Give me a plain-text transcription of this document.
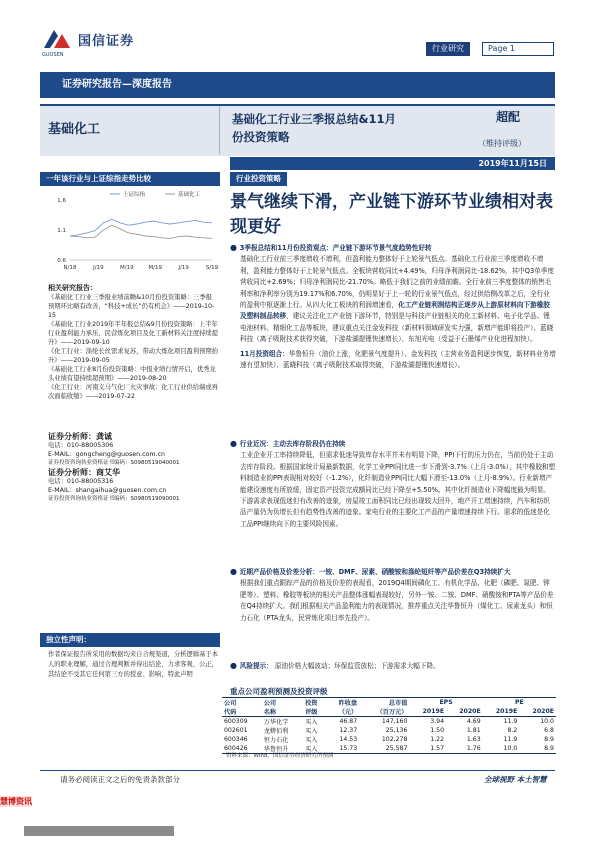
国信证券
GUOSEN
行业研究	Page 1
证券研究报告—深度报告
基础化工
基础化工行业三季报总结&11月
份投资策略
超配
（维持评级）
2019年11月15日
一年该行业与上证综指走势比较
1.6
1.1
0.6
N/18	J/19	M/19	M/19	J/19	S/19
上证综指	基础化工
相关研究报告：
《基础化工行业三季报业绩前瞻&10月份投资策略：三季报预期环比略有改善，“科技+成长”仍有机会》——2019-10-15
《基础化工行业2019年半年报总结&9月份投资策略：上半年行业盈利能力承压，民营炼化项目及化工新材料关注度持续提升》——2019-09-10
《化工行业：涤纶长丝需求复苏，带动大炼化项目盈利预期抬升》——2019-09-05
《基础化工行业8月份投资策略：中报业绩行情开启，优秀龙头业绩有望持续超预期》——2019-08-20
《化工行业：河南义马气化厂火灾事故：化工行业供给端或再次面临收缩》——2019-07-22
证券分析师：龚诚
电话：010-88005306
E-MAIL：gongcheng@guosen.com.cn
证券投资咨询执业资格证书编码：S0980519040001
证券分析师：商艾华
电话：010-88005316
E-MAIL：shangaihua@guosen.com.cn
证券投资咨询执业资格证书编码：S0980519090001
独立性声明：
作者保证报告所采用的数据均来自合规渠道，分析逻辑基于本人的职业理解，通过合理判断并得出结论，力求客观、公正，其结论不受其它任何第三方的授意、影响，特此声明
行业投资策略
景气继续下滑，产业链下游环节业绩相对表现更好
● 3季报总结和11月份投资观点：产业链下游环节景气度趋势性好转
基础化工行业前三季度增收不增利，但盈利能力整体好于上轮景气低点。基础化工行业前三季度增收不增利，盈利能力整体好于上轮景气低点。全板块营收同比+4.49%，归母净利润同比-18.62%，其中Q3单季度营收同比+2.69%；归母净利润同比-21.70%。略低于我们之前的业绩前瞻。全行业前三季度整体的销售毛利率和净利率分别为19.17%和6.70%，仍明显好于上一轮的行业景气低点，经过供给侧改革之后，全行业的盈利中枢逐渐上行。从四大化工板块的利润增速看，化工产业链利润结构正逐步从上游原材料向下游橡胶及塑料制品转移，建议关注化工产业链下游环节，特别是与科技产业链相关的化工新材料、电子化学品、锂电池材料、精细化工品等板块，建议重点关注金发科技（新材料领域研发实力强，新增产能即将投产）、蓝晓科技（离子吸附技术获得突破，下游盐湖提锂快速增长）、东旭光电（受益于石墨烯产业化进程加快）。
11月投资组合：华鲁恒升（油价上涨，化肥景气度提升）、金发科技（主营业务盈利逐步恢复，新材料业务增速有望加快）、蓝晓科技（离子吸附技术取得突破，下游盐湖提锂快速增长）。
● 行业近况：主动去库存阶段仍在持续
工业企业开工率持续降低，但需求低迷导致库存水平并未有明显下降，PPI下行的压力仍在，当前仍处于主动去库存阶段。根据国家统计局最新数据，化学工业PPI同比进一步下滑到-3.7%（上月-3.0%），其中橡胶和塑料制造业的PPI表现相对较好（-1.2%），化纤制造业PPI同比大幅下滑至-13.0%（上月-8.9%）。行业新增产能建设速度有所放缓，固定资产投资完成额同比已经下降至+5.50%。其中化纤制造业下降幅度最为明显。下游需求表现低迷但有改善的迹象，房屋竣工面积同比已经出现较大回升，地产开工增速持续，汽车和纺织品产量仍为负增长但有趋势性改善的迹象。家电行业的主要化工产品的产量增速持续下行。需求的低迷是化工品PPI继续向下的主要风险因素。
● 近期产品价格及价差分析：一铵、DMF、尿素、硝酸铵和涤纶短纤等产品价差在Q3持续扩大
根据我们重点跟踪产品的价格及价差的表现看，2019Q4期间磷化工、有机化学品、化肥（磷肥、氮肥、钾肥等）、塑料、橡胶等板块的相关产品整体涨幅表现较好，另外一铵、二铵、DMF、硝酸铵和PTA等产品价差在Q4持续扩大。我们根据相关产品盈利能力的表现情况，推荐重点关注华鲁恒升（煤化工、尿素龙头）和恒力石化（PTA龙头，民营炼化项目率先投产）。
● 风险提示： 原油价格大幅波动；环保监管放松；下游需求大幅下降。
重点公司盈利预测及投资评级
公司	公司	投资	昨收盘	总市值	EPS		PE	
代码	名称	评级	（元）	（百万元）	2019E	2020E	2019E	2020E
600309	万华化学	买入	46.87	147,160	3.94	4.69	11.9	10.0
002601	龙蟒佰利	买入	12.37	25,136	1.50	1.81	8.2	6.8
600346	恒力石化	买入	14.53	102,278	1.22	1.63	11.9	8.9
600426	华鲁恒升	买入	15.73	25,587	1.57	1.76	10.0	8.9
资料来源：Wind，国信证券经济研究所预测
请务必阅读正文之后的免责条款部分	全球视野 本土智慧
慧博资讯
